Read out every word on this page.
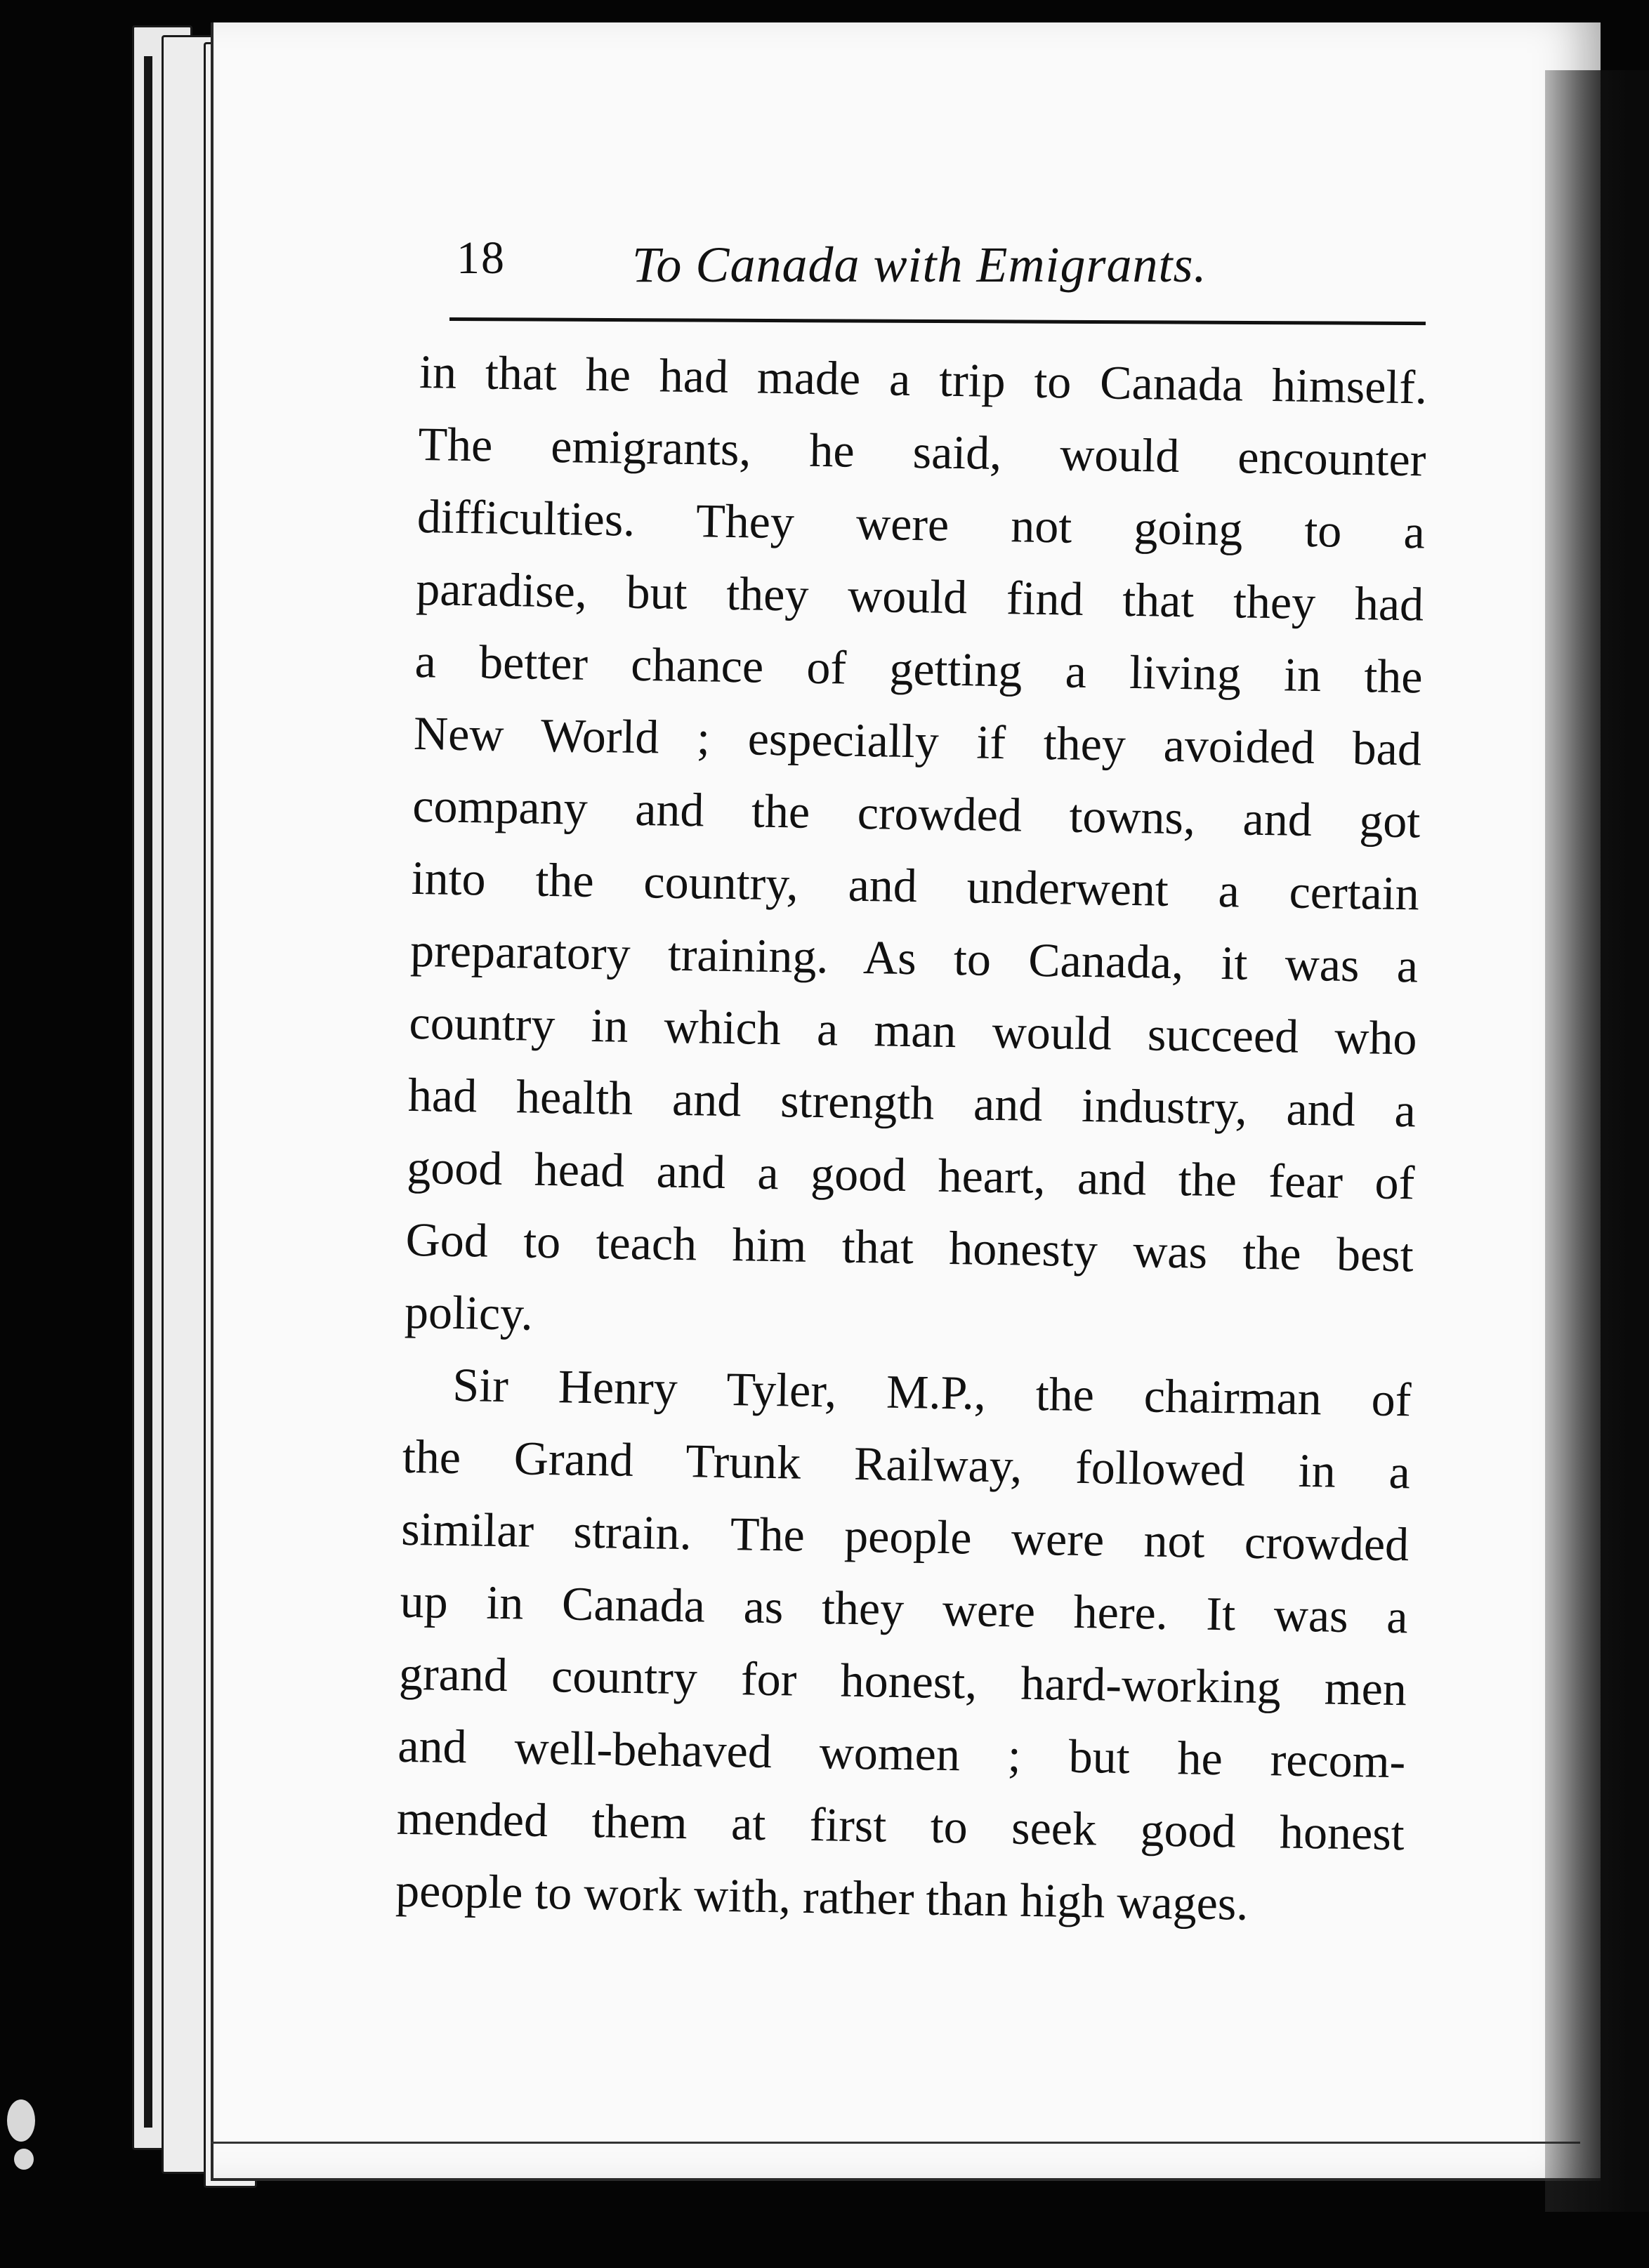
18	To Canada with Emigrants.
in that he had made a trip to Canada himself.
The emigrants, he said, would encounter
difficulties. They were not going to a
paradise, but they would find that they had
a better chance of getting a living in the
New World ; especially if they avoided bad
company and the crowded towns, and got
into the country, and underwent a certain
preparatory training. As to Canada, it was a
country in which a man would succeed who
had health and strength and industry, and a
good head and a good heart, and the fear of
God to teach him that honesty was the best
policy.
Sir Henry Tyler, M.P., the chairman of
the Grand Trunk Railway, followed in a
similar strain. The people were not crowded
up in Canada as they were here. It was a
grand country for honest, hard-working men
and well-behaved women ; but he recom-
mended them at first to seek good honest
people to work with, rather than high wages.
